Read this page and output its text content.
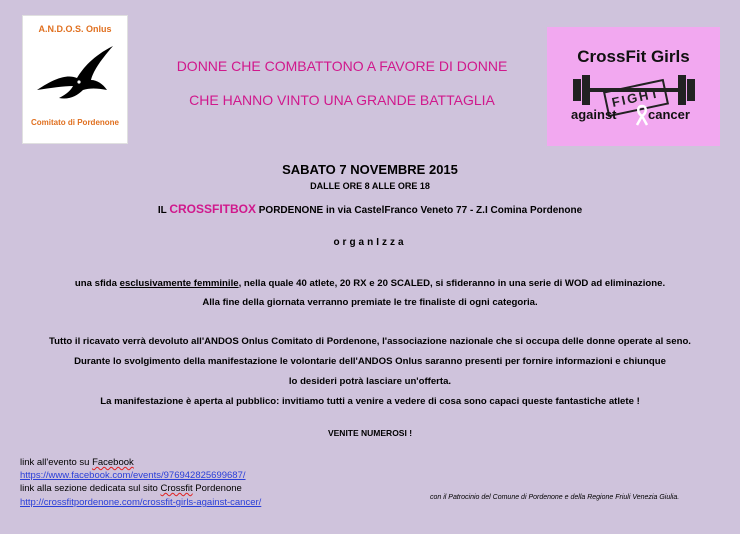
A.N.D.O.S. Onlus
Comitato di Pordenone
CrossFit Girls
FIGHT
against cancer
DONNE CHE COMBATTONO A FAVORE DI DONNE
CHE HANNO VINTO UNA GRANDE BATTAGLIA
SABATO 7 NOVEMBRE 2015
DALLE ORE 8 ALLE ORE 18
IL CROSSFITBOX PORDENONE in via CastelFranco Veneto 77 - Z.I Comina Pordenone
organIzza
una sfida esclusivamente femminile, nella quale 40 atlete, 20 RX e 20 SCALED, si sfideranno in una serie di WOD ad eliminazione.
Alla fine della giornata verranno premiate le tre finaliste di ogni categoria.
Tutto il ricavato verrà devoluto all'ANDOS Onlus Comitato di Pordenone, l'associazione nazionale che si occupa delle donne operate al seno.
Durante lo svolgimento della manifestazione le volontarie dell'ANDOS Onlus saranno presenti per fornire informazioni e chiunque
lo desideri potrà lasciare un'offerta.
La manifestazione è aperta al pubblico: invitiamo tutti a venire a vedere di cosa sono capaci queste fantastiche atlete !
VENITE NUMEROSI !
link all'evento su Facebook
https://www.facebook.com/events/976942825699687/
link alla sezione dedicata sul sito Crossfit Pordenone
http://crossfitpordenone.com/crossfit-girls-against-cancer/	con il Patrocinio del Comune di Pordenone e della Regione Friuli Venezia Giulia.
